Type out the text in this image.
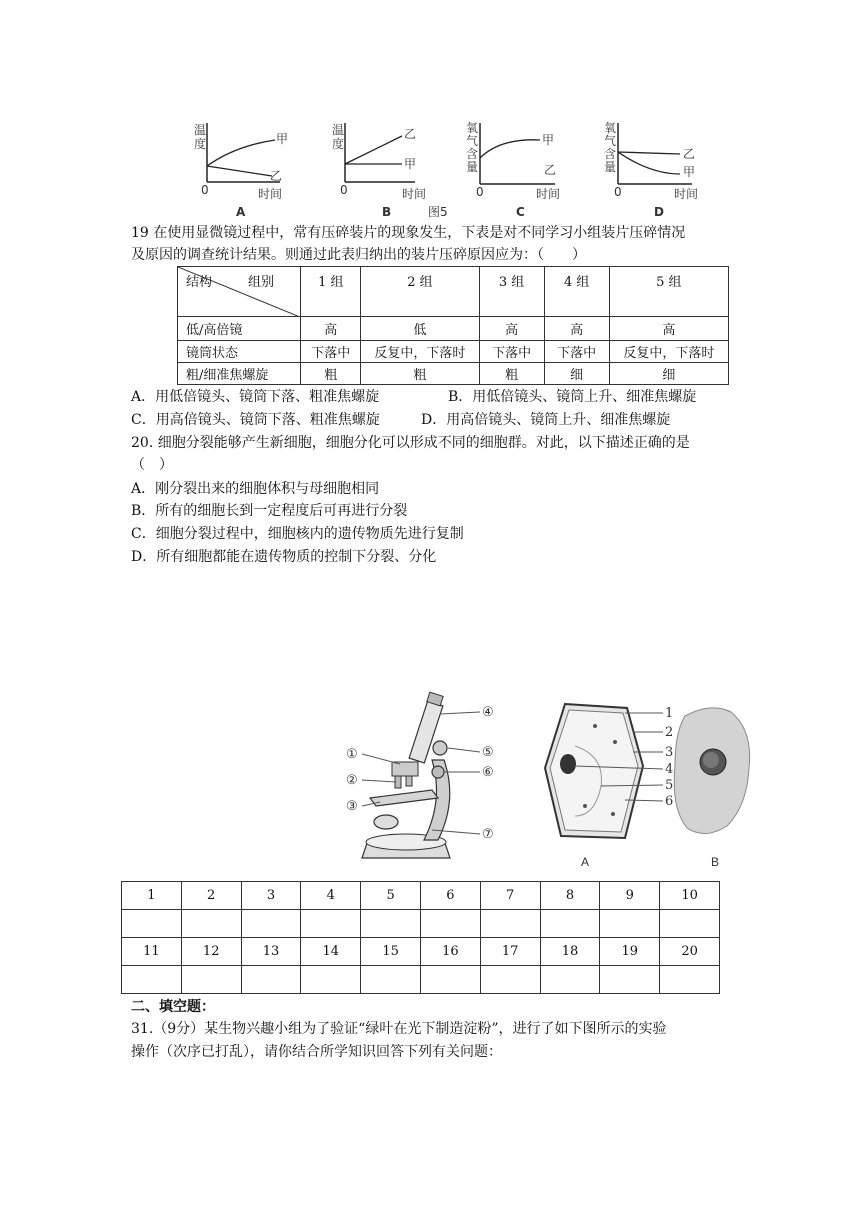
温
度	甲
乙
0	时间
A
温
度
乙
甲
0	时间
B	图5
氧
气
含
量
甲
乙
0	时间
C
氧
气
含
量
乙
甲
0	时间
D
19 在使用显微镜过程中，常有压碎装片的现象发生，下表是对不同学习小组装片压碎情况
及原因的调查统计结果。则通过此表归纳出的装片压碎原因应为：（　　）
组别
结构	1 组	2 组	3 组	4 组	5 组
低/高倍镜	高	低	高	高	高
镜筒状态	下落中	反复中，下落时	下落中	下落中	反复中，下落时
粗/细准焦螺旋	粗	粗	粗	细	细
A．用低倍镜头、镜筒下落、粗准焦螺旋	B．用低倍镜头、镜筒上升、细准焦螺旋
C．用高倍镜头、镜筒下落、粗准焦螺旋	D．用高倍镜头、镜筒上升、细准焦螺旋
20. 细胞分裂能够产生新细胞，细胞分化可以形成不同的细胞群。对此，以下描述正确的是
（　）
A．刚分裂出来的细胞体积与母细胞相同
B．所有的细胞长到一定程度后可再进行分裂
C．细胞分裂过程中，细胞核内的遗传物质先进行复制
D．所有细胞都能在遗传物质的控制下分裂、分化
①
②
③
④
⑤
⑥
⑦
1
2
3
4
5
6
A	B
1	2	3	4	5	6	7	8	9	10

11	12	13	14	15	16	17	18	19	20

二、填空题：
31.（9分）某生物兴趣小组为了验证“绿叶在光下制造淀粉”，进行了如下图所示的实验
操作（次序已打乱），请你结合所学知识回答下列有关问题：
